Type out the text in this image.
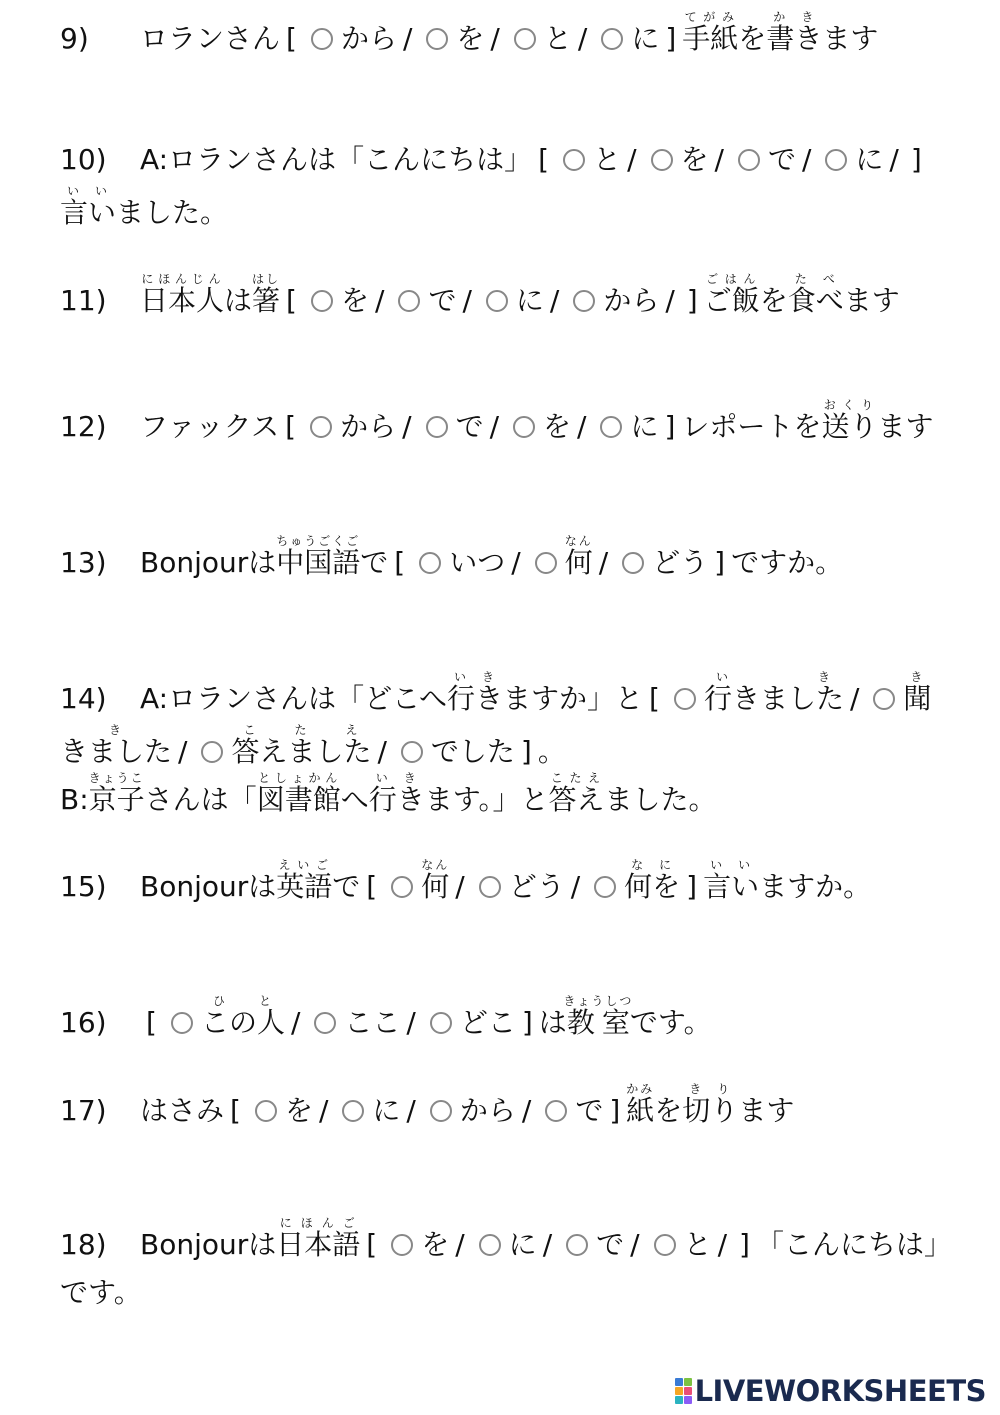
9) ロランさん [ から / を / と / に ] 手紙てがみを書かききます
10) A:ロランさんは「こんにちは」 [ と / を / で / に / ]言いいいました。
11) 日本人にほんじんは箸はし[ を / で / に / から / ] ご飯ごはんを食べたべます
12) ファックス [ から / で / を / に ] レポートを送りおくります
13) Bonjourは中国語ちゅうごくごで [ いつ / 何なん/ どう ] ですか。
14) A:ロランさんは「どこへ行きいきますか」と [ 行きましたいき/ 聞きましたきき/ 答えましたこたえ/ でした ] 。
B:京子きょうこさんは「図書館としょかんへ行きいきます。」と答えこたえました。
15) Bonjourは英語えいごで [ 何なん/ どう / 何をなに] 言いいいますか。
16) [ この人ひと/ ここ / どこ ] は教室きょうしつです。
17) はさみ [ を / に / から / で ] 紙かみを切りきります
18) Bonjourは日本語にほんご[ を / に / で / と / ] 「こんにちは」です。
LIVEWORKSHEETS
